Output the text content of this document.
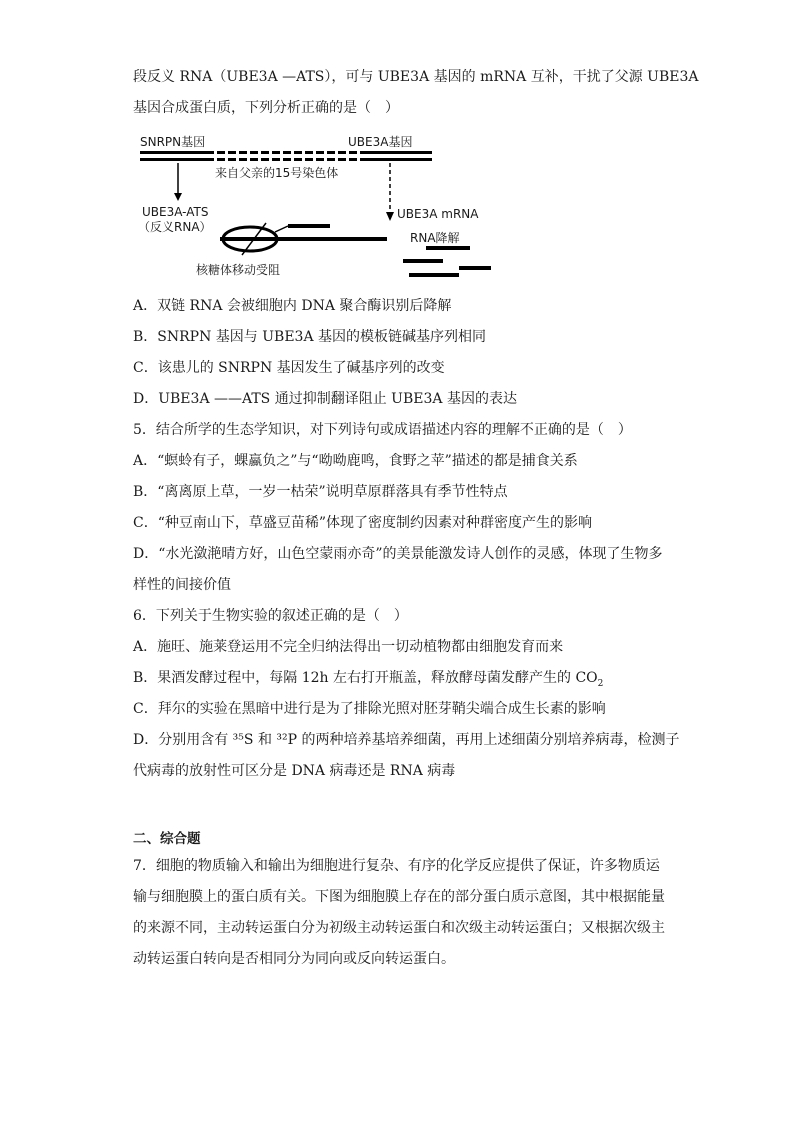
段反义 RNA（UBE3A —ATS），可与 UBE3A 基因的 mRNA 互补，干扰了父源 UBE3A
基因合成蛋白质，下列分析正确的是（　）
SNRPN基因	UBE3A基因
来自父亲的15号染色体
UBE3A-ATS
（反义RNA）
UBE3A mRNA
RNA降解
核糖体移动受阻
A．双链 RNA 会被细胞内 DNA 聚合酶识别后降解
B．SNRPN 基因与 UBE3A 基因的模板链碱基序列相同
C．该患儿的 SNRPN 基因发生了碱基序列的改变
D．UBE3A ——ATS 通过抑制翻译阻止 UBE3A 基因的表达
5．结合所学的生态学知识，对下列诗句或成语描述内容的理解不正确的是（　）
A．“螟蛉有子，蜾蠃负之”与“呦呦鹿鸣，食野之苹”描述的都是捕食关系
B．“离离原上草，一岁一枯荣”说明草原群落具有季节性特点
C．“种豆南山下，草盛豆苗稀”体现了密度制约因素对种群密度产生的影响
D．“水光潋滟晴方好，山色空蒙雨亦奇”的美景能激发诗人创作的灵感，体现了生物多
样性的间接价值
6．下列关于生物实验的叙述正确的是（　）
A．施旺、施莱登运用不完全归纳法得出一切动植物都由细胞发育而来
B．果酒发酵过程中，每隔 12h 左右打开瓶盖，释放酵母菌发酵产生的 $CO_2$
C．拜尔的实验在黑暗中进行是为了排除光照对胚芽鞘尖端合成生长素的影响
D．分别用含有 ³⁵S 和 ³²P 的两种培养基培养细菌，再用上述细菌分别培养病毒，检测子
代病毒的放射性可区分是 DNA 病毒还是 RNA 病毒
二、综合题
7．细胞的物质输入和输出为细胞进行复杂、有序的化学反应提供了保证，许多物质运
输与细胞膜上的蛋白质有关。下图为细胞膜上存在的部分蛋白质示意图，其中根据能量
的来源不同，主动转运蛋白分为初级主动转运蛋白和次级主动转运蛋白；又根据次级主
动转运蛋白转向是否相同分为同向或反向转运蛋白。
